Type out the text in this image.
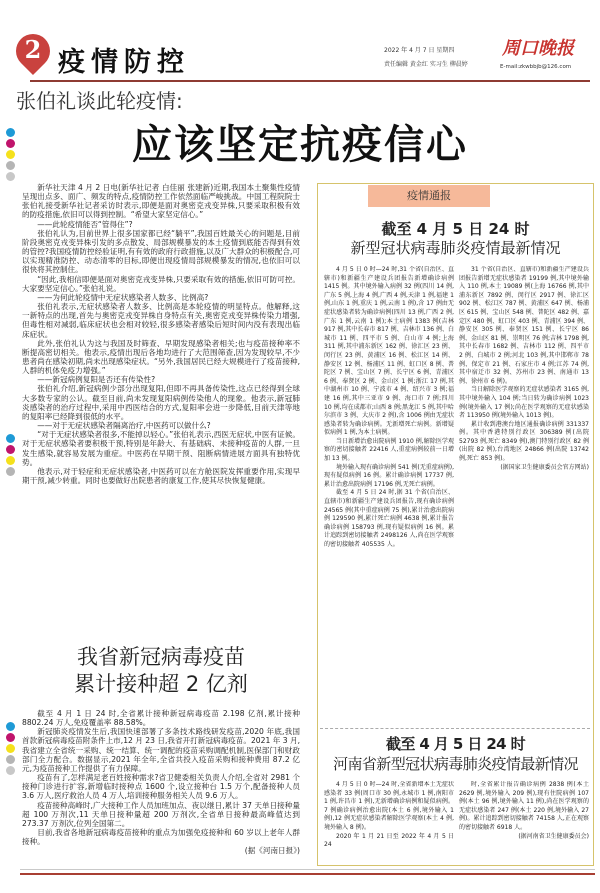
2 疫情防控	2022 年 4 月 7 日 星期四
责任编辑 黄金红 实习生 柳晨婷
周口晚报
E-mail:zkwbbjb@126.com
张伯礼谈此轮疫情:
应该坚定抗疫信心

新华社天津 4 月 2 日电(新华社记者 白佳丽 张建新)近期,我国本土聚集性疫情呈现出点多、面广、频发的特点,疫情防控工作依然面临严峻挑战。中国工程院院士张伯礼接受新华社记者采访时表示,即便是面对奥密克戎变异株,只要采取积极有效的防疫措施,依旧可以得到控制。“希望大家坚定信心。”

——此轮疫情能否“管得住”?

张伯礼认为,目前世界上很多国家都已经“躺平”,我国百姓最关心的问题是,目前阶段奥密克戎变异株引发的多点散发、局部规模暴发的本土疫情到底能否得到有效的管控?我国疫情防控经验证明,有有效的政府行政措施,以及广大群众的积极配合,可以实现精准防控、动态清零的目标,即便出现疫情局部规模暴发的情况,也依旧可以很快将其控制住。

“因此,我相信即便是面对奥密克戎变异株,只要采取有效的措施,依旧可防可控。大家要坚定信心。”张伯礼说。

——为何此轮疫情中无症状感染者人数多、比例高?

张伯礼表示,无症状感染者人数多、比例高是本轮疫情的明显特点。他解释,这一新特点的出现,首先与奥密克戎变异株自身特点有关,奥密克戎变异株传染力增强,但毒性相对减弱,临床症状也会相对较轻,很多感染者感染后短时间内没有表现出临床症状。

此外,张伯礼认为这与我国及时筛查、早期发现感染者相关;也与疫苗接种率不断提高密切相关。他表示,疫情出现后各地均进行了大范围筛查,因为发现较早,不少患者尚在感染初期,尚未出现感染症状。“另外,我国居民已经大规模进行了疫苗接种,人群的机体免疫力增强。”

——新冠病例复阳是否还有传染性?

张伯礼介绍,新冠病例少部分出现复阳,但即不再具备传染性,这点已经得到全球大多数专家的公认。截至目前,尚未发现复阳病例传染他人的现象。他表示,新冠肺炎感染者的治疗过程中,采用中西医结合的方式,复阳率会进一步降低,目前天津等地的复阳率已经降到很低的水平。

——对于无症状感染者隔离治疗,中医药可以做什么?

“对于无症状感染者很多,不能掉以轻心。”张伯礼表示,西医无症状,中医有证候。对于无症状感染者要积极干预,特别是年龄大、有基础病、未接种疫苗的人群,一旦发生感染,就容易发展为重症。中医药在早期干预、阻断病情进展方面具有独特优势。

他表示,对于轻症和无症状感染者,中医药可以在方舱医院发挥重要作用,实现早期干预,减少转重。同时也要做好出院患者的康复工作,使其尽快恢复健康。

我省新冠病毒疫苗
累计接种超 2 亿剂

截至 4 月 1 日 24 时,全省累计接种新冠病毒疫苗 2.198 亿剂,累计接种 8802.24 万人,免疫覆盖率 88.58%。

新冠肺炎疫情发生后,我国快速部署了多条技术路线研发疫苗,2020 年底,我国首款新冠病毒疫苗附条件上市,12 月 23 日,我省开打新冠病毒疫苗。2021 年 3 月,我省建立全省统一采购、统一结算、统一调配的疫苗采购调配机制,医保部门和财政部门全力配合。数据显示,2021 年全年,全省共投入疫苗采购和接种费用 87.2 亿元,为疫苗接种工作提供了有力保障。

疫苗有了,怎样满足老百姓接种需求?省卫健委相关负责人介绍,全省对 2981 个接种门诊进行扩容,新增临时接种点 1600 个,设立接种台 1.5 万个,配备接种人员 3.6 万人,医疗救治人员 4 万人,培训接种服务相关人员 9.6 万人。

疫苗接种高峰时,广大接种工作人员加班加点、夜以继日,累计 37 天单日接种量超 100 万剂次,11 天单日接种量超 200 万剂次,全省单日接种最高峰值达到 273.37 万剂次,位列全国第二。

目前,我省各地新冠病毒疫苗接种的重点为加强免疫接种和 60 岁以上老年人群接种。

(据《河南日报》)
疫情通报
截至 4 月 5 日 24 时
新型冠状病毒肺炎疫情最新情况

4 月 5 日 0 时—24 时,31 个省(自治区、直辖市)和新疆生产建设兵团报告新增确诊病例 1415 例。其中境外输入病例 32 例(四川 14 例,广东 5 例,上海 4 例,广西 4 例,天津 1 例,福建 1 例,山东 1 例,重庆 1 例,云南 1 例),含 17 例由无症状感染者转为确诊病例(四川 13 例,广西 2 例,广东 1 例,云南 1 例);本土病例 1383 例(吉林 917 例,其中长春市 817 例、吉林市 136 例、白城市 11 例、四平市 5 例、白山市 4 例;上海 311 例,其中浦东新区 162 例、徐汇区 23 例、闵行区 23 例、黄浦区 16 例、松江区 14 例、静安区 12 例、杨浦区 11 例、虹口区 8 例、普陀区 7 例、宝山区 7 例、长宁区 6 例、青浦区 6 例、奉贤区 2 例、金山区 1 例;浙江 17 例,其中湖州市 10 例、宁波市 4 例、绍兴市 3 例;福建 16 例,其中三亚市 9 例、海口市 7 例;四川 10 例,均在成都市;山西 8 例;黑龙江 5 例,其中哈尔滨市 3 例、大庆市 2 例),含 1006 例由无症状感染者转为确诊病例。无新增死亡病例。新增疑似病例 1 例,为本土病例。

当日新增治愈出院病例 1910 例,解除医学观察的密切接触者 22416 人,重症病例较前一日增加 13 例。

境外输入现有确诊病例 541 例(无重症病例),现有疑似病例 16 例。累计确诊病例 17737 例,累计治愈出院病例 17196 例,无死亡病例。

截至 4 月 5 日 24 时,据 31 个省(自治区、直辖市)和新疆生产建设兵团报告,现有确诊病例 24565 例(其中重症病例 75 例),累计治愈出院病例 129590 例,累计死亡病例 4638 例,累计报告确诊病例 158793 例,现有疑似病例 16 例。累计追踪到密切接触者 2498126 人,尚在医学观察的密切接触者 405535 人。

31 个省(自治区、直辖市)和新疆生产建设兵团报告新增无症状感染者 19199 例,其中境外输入 110 例,本土 19089 例(上海 16766 例,其中浦东新区 7892 例、闵行区 2917 例、徐汇区 902 例、松江区 787 例、黄浦区 647 例、杨浦区 615 例、宝山区 548 例、普陀区 482 例、嘉定区 480 例、虹口区 403 例、青浦区 394 例、静安区 305 例、奉贤区 151 例、长宁区 86 例、金山区 81 例、崇明区 76 例;吉林 1798 例,其中长春市 1682 例、吉林市 112 例、四平市 2 例、白城市 2 例;河北 103 例,其中邯郸市 78 例、保定市 21 例、石家庄市 4 例;江苏 74 例,其中宿迁市 32 例、苏州市 23 例、南通市 13 例、徐州市 6 例)。

当日解除医学观察的无症状感染者 3165 例,其中境外输入 104 例;当日转为确诊病例 1023 例(境外输入 17 例);尚在医学观察的无症状感染者 113950 例(境外输入 1013 例)。

累计收到港澳台地区通报确诊病例 331337 例。其中香港特别行政区 306389 例(出院 52793 例,死亡 8349 例),澳门特别行政区 82 例(出院 82 例),台湾地区 24866 例(出院 13742 例,死亡 853 例)。

(据国家卫生健康委员会官方网站)
截至 4 月 5 日 24 时
河南省新型冠状病毒肺炎疫情最新情况

4 月 5 日 0 时—24 时,全省新增本土无症状感染者 33 例(周口市 30 例,永城市 1 例,南阳市 1 例,许昌市 1 例),无新增确诊病例和疑似病例。7 例确诊病例治愈出院(本土 6 例,境外输入 1 例),12 例无症状感染者解除医学观察(本土 4 例,境外输入 8 例)。

2020 年 1 月 21 日至 2022 年 4 月 5 日 24

时,全省累计报告确诊病例 2838 例(本土 2629 例,境外输入 209 例),现有住院病例 107 例(本土 96 例,境外输入 11 例),尚在医学观察的无症状感染者 247 例(本土 220 例,境外输入 27 例)。累计追踪到密切接触者 74158 人,正在观察的密切接触者 6918 人。

(据河南省卫生健康委员会)
